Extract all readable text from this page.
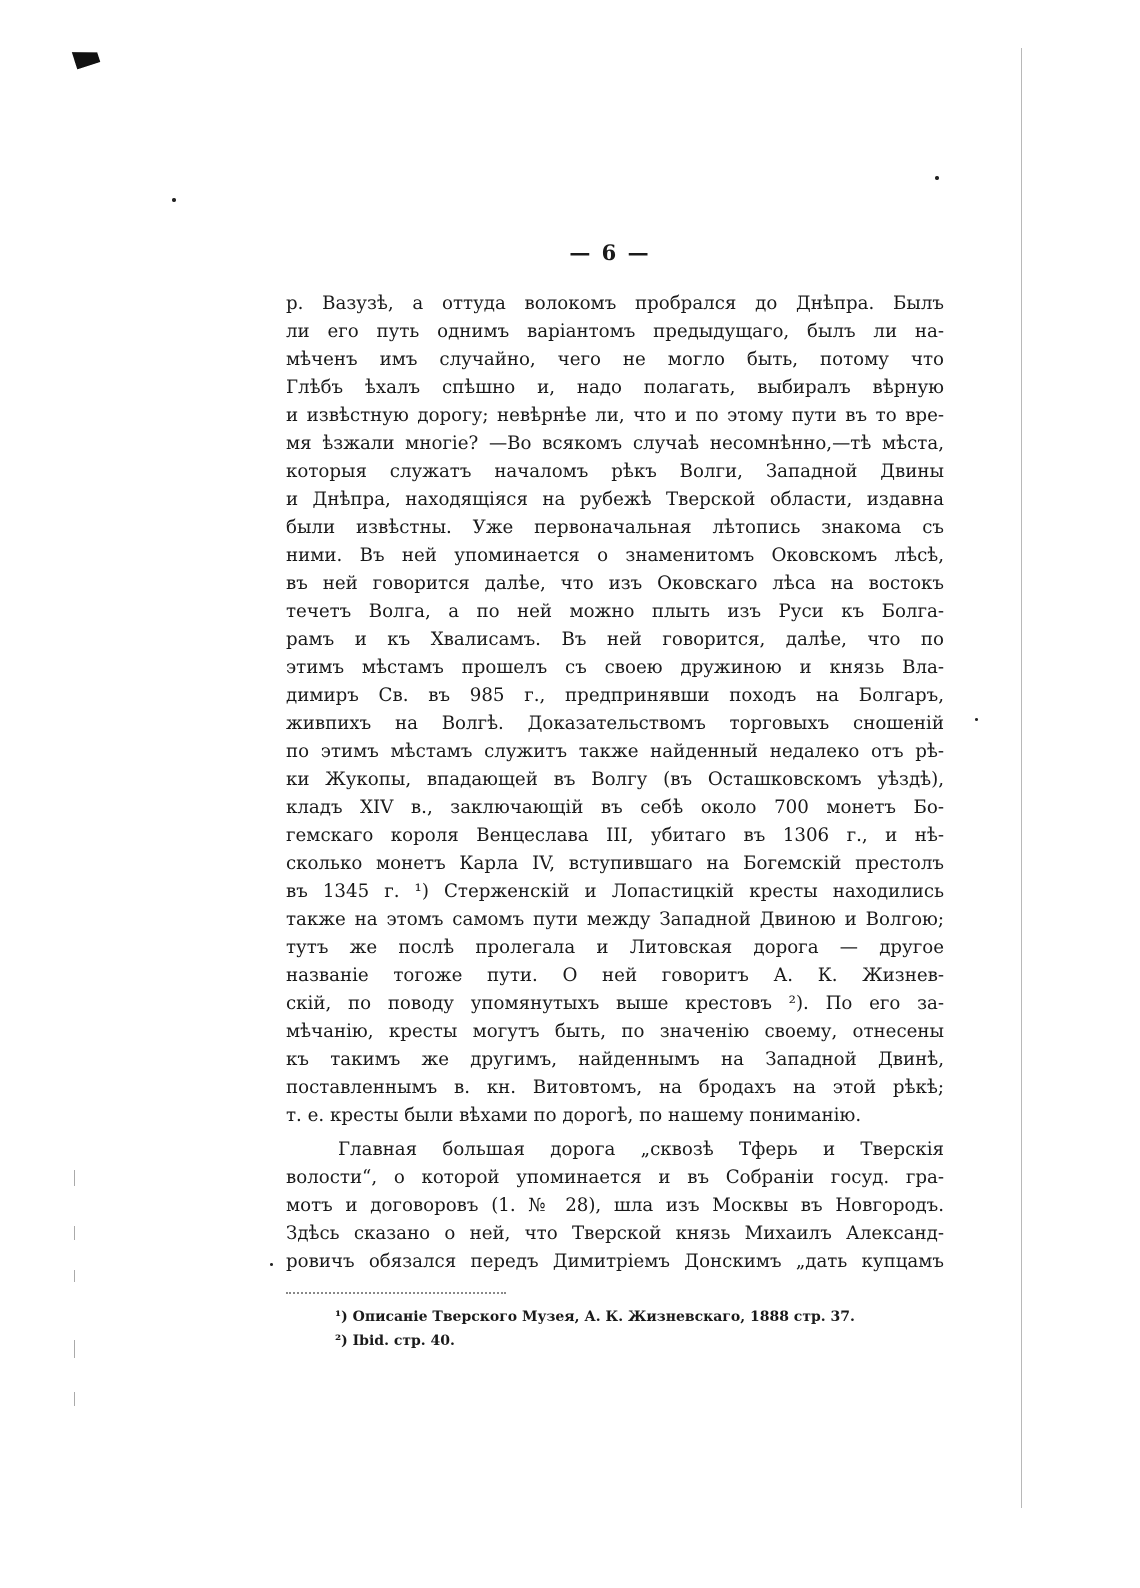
— 6 —
р. Вазузѣ, а оттуда волокомъ пробрался до Днѣпра. Былъ
ли его путь однимъ варіантомъ предыдущаго, былъ ли на-
мѣченъ имъ случайно, чего не могло быть, потому что
Глѣбъ ѣхалъ спѣшно и, надо полагать, выбиралъ вѣрную
и извѣстную дорогу; невѣрнѣе ли, что и по этому пути въ то вре-
мя ѣзжали многіе? —Во всякомъ случаѣ несомнѣнно,—тѣ мѣста,
которыя служатъ началомъ рѣкъ Волги, Западной Двины
и Днѣпра, находящіяся на рубежѣ Тверской области, издавна
были извѣстны. Уже первоначальная лѣтопись знакома съ
ними. Въ ней упоминается о знаменитомъ Оковскомъ лѣсѣ,
въ ней говорится далѣе, что изъ Оковскаго лѣса на востокъ
течетъ Волга, а по ней можно плыть изъ Руси къ Болга-
рамъ и къ Хвалисамъ. Въ ней говорится, далѣе, что по
этимъ мѣстамъ прошелъ съ своею дружиною и князь Вла-
димиръ Св. въ 985 г., предпринявши походъ на Болгаръ,
живпихъ на Волгѣ. Доказательствомъ торговыхъ сношеній
по этимъ мѣстамъ служитъ также найденный недалеко отъ рѣ-
ки Жукопы, впадающей въ Волгу (въ Осташковскомъ уѣздѣ),
кладъ XIV в., заключающій въ себѣ около 700 монетъ Бо-
гемскаго короля Венцеслава III, убитаго въ 1306 г., и нѣ-
сколько монетъ Карла IV, вступившаго на Богемскій престолъ
въ 1345 г. ¹) Стерженскій и Лопастицкій кресты находились
также на этомъ самомъ пути между Западной Двиною и Волгою;
тутъ же послѣ пролегала и Литовская дорога — другое
названіе тогоже пути. О ней говоритъ А. К. Жизнев-
скій, по поводу упомянутыхъ выше крестовъ ²). По его за-
мѣчанію, кресты могутъ быть, по значенію своему, отнесены
къ такимъ же другимъ, найденнымъ на Западной Двинѣ,
поставленнымъ в. кн. Витовтомъ, на бродахъ на этой рѣкѣ;
т. е. кресты были вѣхами по дорогѣ, по нашему пониманію.
Главная большая дорога „сквозѣ Тферь и Тверскія
волости“, о которой упоминается и въ Собраніи госуд. гра-
мотъ и договоровъ (1. № 28), шла изъ Москвы въ Новгородъ.
Здѣсь сказано о ней, что Тверской князь Михаилъ Александ-
ровичъ обязался передъ Димитріемъ Донскимъ „дать купцамъ
¹) Описаніе Тверского Музея, А. К. Жизневскаго, 1888 стр. 37.
²) Ibid. стр. 40.
